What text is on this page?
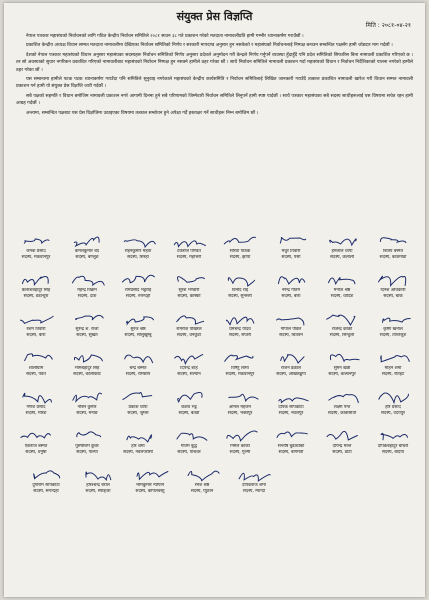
संयुक्त प्रेस विज्ञप्ति
मिति : २०८१-०४-२१

नेपाल पत्रकार महासंघको निर्वाचनको लागि गठित केन्द्रीय निर्वाचन समितिले २०८१ साउन ३८ गते प्रकाशन गरेको मतदाता नामावलीप्रति हामी गम्भीर ध्यानाकर्षण गराउँछौं ।

प्रकाशित केन्द्रीय अध्यक्ष विधान सम्मत मतदाता नामावलीमा देखिएका निर्वाचन समितिको निर्णय र सरकारी मापदण्ड अनुसार हुन नसकेको र महासंघको निर्वाचनलाई निष्पक्ष बनाउन सम्बन्धित पक्षसँग हामी जोडदार माग गर्दछौं ।

देशको नेपाल पत्रकार महासंघको विधान अनुसार महासंघका सदस्यहरू निर्वाचन समितिको निर्णय अनुसार प्रदेशले अनुमोदन गरी केन्द्रले निर्णय गर्नुपर्ने व्यवस्था हुँदाहुँदै पनि प्रदेश समितिको सिफारिस बिना नामावली प्रकाशित गरिएको छ । तर सो अवस्थाको सुधार नगरिकन प्रकाशित गरिएको नामावलीबाट महासंघको निर्वाचन निष्पक्ष हुन नसक्ने हामीले ठहर गरेका छौं । साथै निर्वाचन समितिले नामावली प्रकाशन गर्दा महासंघको विधान र निर्वाचन निर्देशिकाको पालना नगरेको हामीले ठहर गरेका छौं ।

यस सम्बन्धमा हामीले पटक पटक ध्यानाकर्षण गराउँदा पनि समितिले सुनुवाइ नगरेकाले महासंघको केन्द्रीय कार्यसमिति र निर्वाचन समितिलाई लिखित जानकारी गराउँदै तत्काल प्रकाशित नामावली खारेज गरी विधान सम्मत नामावली प्रकाशन गर्न हामी यो संयुक्त प्रेस विज्ञप्ति जारी गर्दछौं ।

सबै पक्षको सहमति र विधान बमोजिम नामावली प्रकाशन नगरे आगामी दिनमा हुने सबै परिणामको जिम्मेवारी निर्वाचन समितिले लिनुपर्ने हामी स्पष्ट पार्दछौं । साथै पत्रकार महासंघका सबै सदस्य साथीहरूलाई यस विषयमा सचेत रहन हामी आग्रह गर्दछौं ।

अन्त्यमा, सम्बन्धित पक्षबाट यस प्रेस विज्ञप्तिमा उठाइएका विषयमा तत्काल सम्बोधन हुने अपेक्षा गर्दै हस्ताक्षर गर्ने साथीहरू निम्न बमोजिम छौं ।

जनक प्रसाद
सदस्य, मकवानपुर
कमलकुमार बैद
सदस्य, बाग्लुङ
रोहनकुमार मेहता
सदस्य, सिरहा
टंकराज पण्डित
सदस्य, महोत्तरी
सरिता पाठक
सदस्य, झापा
मधुर तिवारी
सदस्य, पर्सा
हेमलाल थापा
सदस्य, कैलाली
बिजय बस्नेत
सदस्य, काठमाडौं
कैलाशबहादुर सिंह
सदस्य, डडेल्धुरा
महेन्द्र विक्रम
सदस्य, दाङ
रामप्रसाद भट्टराई
सदस्य, रुपन्देही
सुरेश भण्डारी
सदस्य, कास्की
विनोद राई
सदस्य, सुनसरी
नरेन्द्र गौतम
सदस्य, बारा
मनोज श्रेष्ठ
सदस्य, धादिङ
दिनेश अधिकारी
सदस्य, बाँके
रेशम तिवारी
सदस्य, बारा
सुरेन्द्र श. राजा
सदस्य, सुर्खेत
सुरज श्रेष्ठ
सदस्य, सोलुखुम्बु
रामराज पोखरेल
सदस्य, धनकुटा
प्रेमचन्द्र यादव
सदस्य, सप्तरी
गोपाल पौडेल
सदस्य, चितवन
राजेन्द्र कार्की
सदस्य, सिन्धुली
कृष्ण खनाल
सदस्य, ताप्लेजुङ
शालीग्राम
सदस्य, पर्वत
भीमबहादुर सिंह
सदस्य, कालीकोट
चन्द्र बस्नेत
सदस्य, रामेछाप
दिपेन्द्र शाह
सदस्य, सल्यान
विष्णु लामा
सदस्य, मकवानपुर
राजन ढकाल
सदस्य, ओखलढुंगा
सुमन खत्री
सदस्य, कञ्चनपुर
मोहन शर्मा
सदस्य, रौतहट
गणेश प्रसाद
सदस्य, मोरङ
नबिन कुमार
सदस्य, मनाङ
प्रकाश थापा
सदस्य, जुम्ला
केशव भट्ट
सदस्य, बैतडी
अनिल महर्जन
सदस्य, भक्तपुर
दीपक सापकोटा
सदस्य, नवलपुर
लक्ष्मी पन्त
सदस्य, कावासोती
हरि प्रसाद
सदस्य, उदयपुर
एकराज बस्नेत
सदस्य, धनुषा
पुरुषोत्तम कुँवर
सदस्य, पाल्पा
हरि शर्मा
सदस्य, नवलपरासी
गौतम बुद्ध
सदस्य, पाँचथर
निर्मल कार्की
सदस्य, गुल्मी
सन्तोष बुढाथोकी
सदस्य, बागमती
दीपेन्द्र मल्ल
सदस्य, डोटी
दीपकबहादुर चौधरी
सदस्य, बर्दिया
दुर्गाराम सापकोटा
सदस्य, रूपन्देही
हरिश्चन्द्र बराल
सदस्य, स्याङ्जा
भीमकुमार न्यौपाने
सदस्य, कपिलवस्तु
रमेश श्रेष्ठ
सदस्य, प्युठान
दीपकराज शर्मा
सदस्य, म्याग्दी
